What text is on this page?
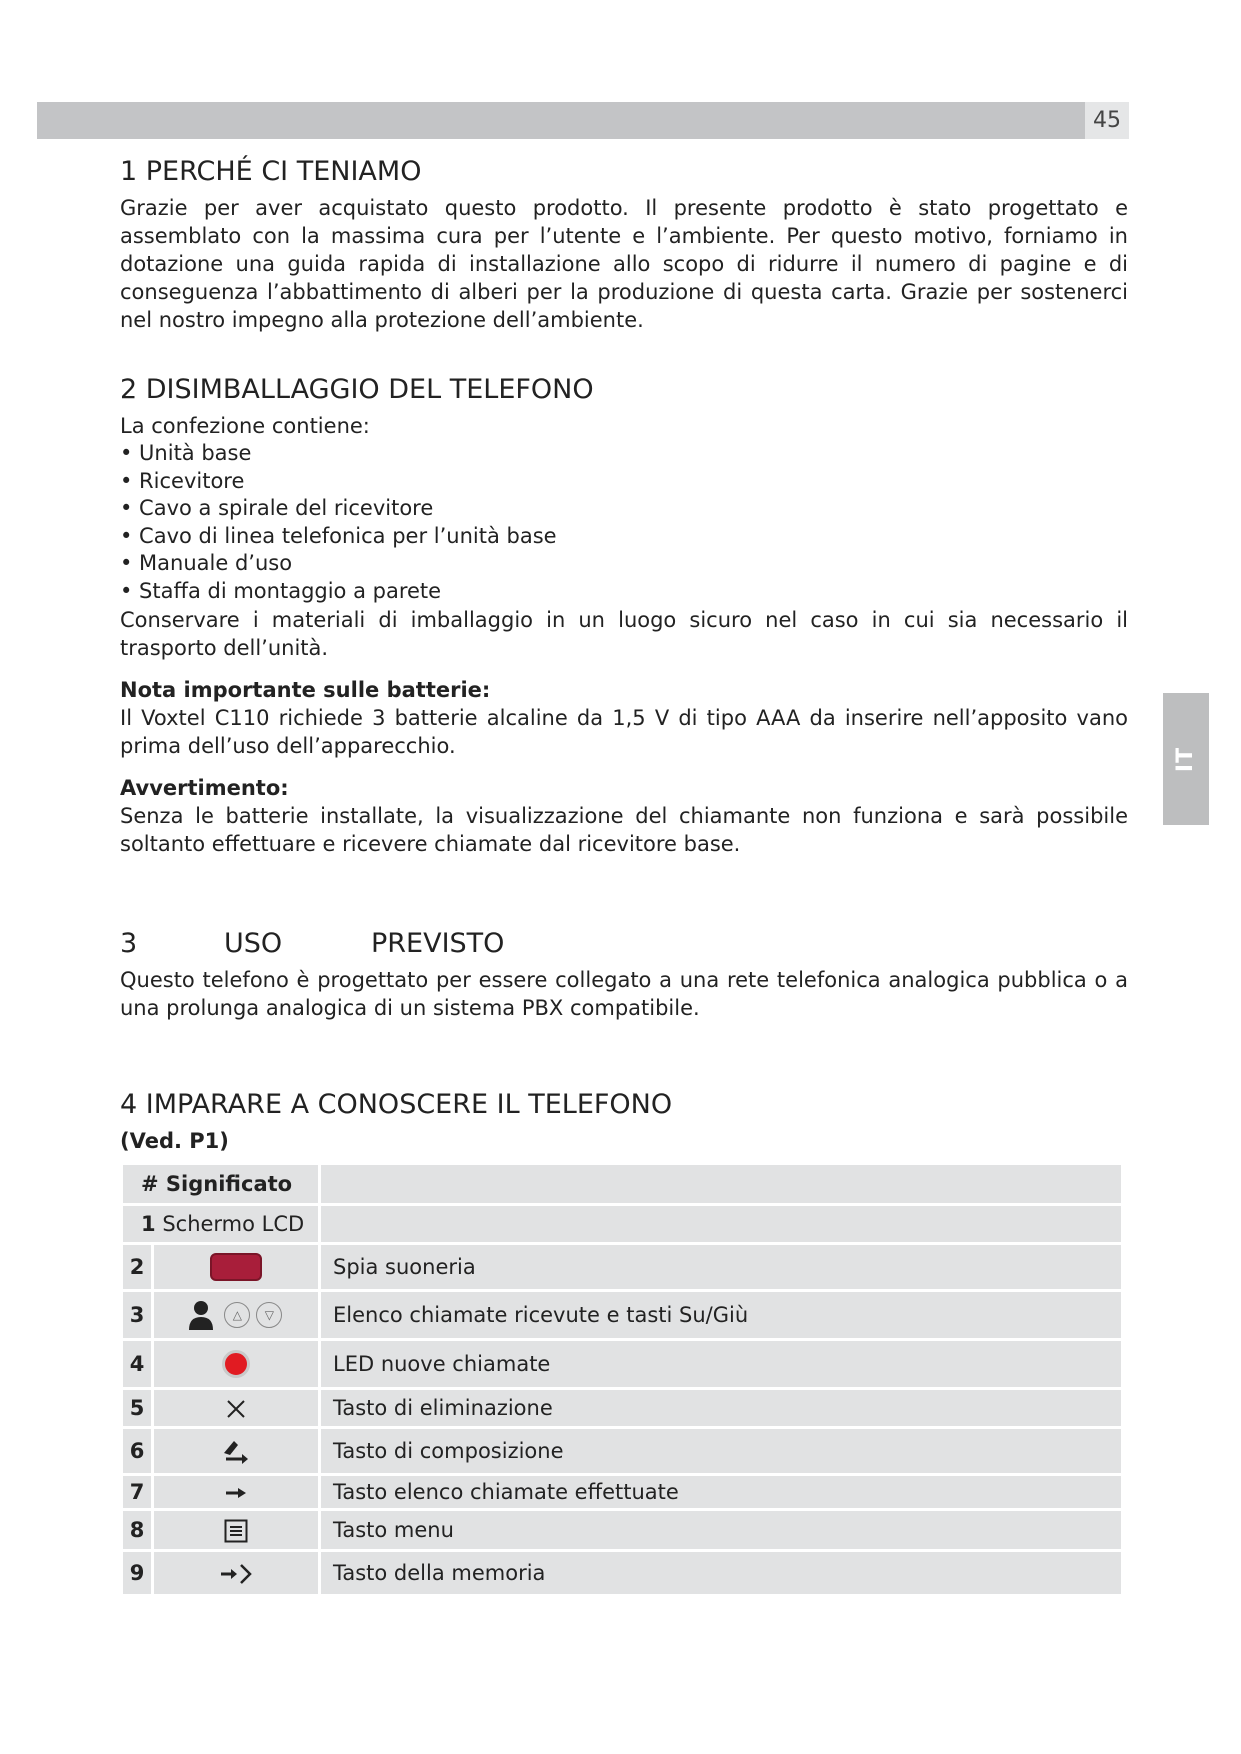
45
IT
1 PERCHÉ CI TENIAMO

Grazie per aver acquistato questo prodotto. Il presente prodotto è stato progettato e assemblato con la massima cura per l’utente e l’ambiente. Per questo motivo, forniamo in dotazione una guida rapida di installazione allo scopo di ridurre il numero di pagine e di conseguenza l’abbattimento di alberi per la produzione di questa carta. Grazie per sostenerci nel nostro impegno alla protezione dell’ambiente.

2 DISIMBALLAGGIO DEL TELEFONO
La confezione contiene:
• Unità base
• Ricevitore
• Cavo a spirale del ricevitore
• Cavo di linea telefonica per l’unità base
• Manuale d’uso
• Staffa di montaggio a parete

Conservare i materiali di imballaggio in un luogo sicuro nel caso in cui sia necessario il trasporto dell’unità.

Nota importante sulle batterie:

Il Voxtel C110 richiede 3 batterie alcaline da 1,5 V di tipo AAA da inserire nell’apposito vano prima dell’uso dell’apparecchio.

Avvertimento:

Senza le batterie installate, la visualizzazione del chiamante non funziona e sarà possibile soltanto effettuare e ricevere chiamate dal ricevitore base.

3	USO	PREVISTO

Questo telefono è progettato per essere collegato a una rete telefonica analogica pubblica o a una prolunga analogica di un sistema PBX compatibile.

4 IMPARARE A CONOSCERE IL TELEFONO
(Ved. P1)
# Significato		
1 Schermo LCD		
2		Spia suoneria
3	△ ▽	Elenco chiamate ricevute e tasti Su/Giù
4		LED nuove chiamate
5		Tasto di eliminazione
6		Tasto di composizione
7		Tasto elenco chiamate effettuate
8		Tasto menu
9		Tasto della memoria
